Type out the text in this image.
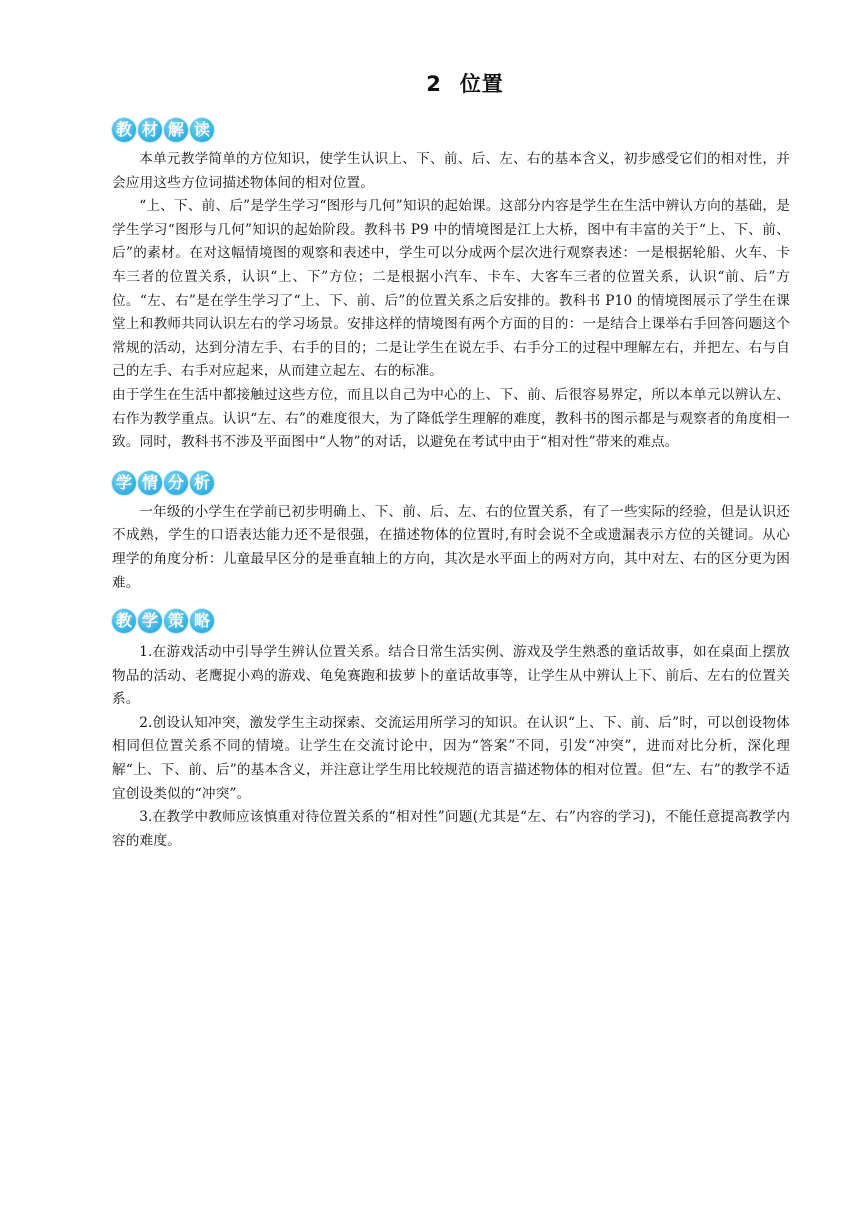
2 位置
教 材 解 读

本单元教学简单的方位知识，使学生认识上、下、前、后、左、右的基本含义，初步感受它们的相对性，并会应用这些方位词描述物体间的相对位置。

“上、下、前、后”是学生学习“图形与几何”知识的起始课。这部分内容是学生在生活中辨认方向的基础，是学生学习“图形与几何”知识的起始阶段。教科书 P9 中的情境图是江上大桥，图中有丰富的关于“上、下、前、后”的素材。在对这幅情境图的观察和表述中，学生可以分成两个层次进行观察表述：一是根据轮船、火车、卡车三者的位置关系，认识“上、下”方位；二是根据小汽车、卡车、大客车三者的位置关系，认识“前、后”方位。“左、右”是在学生学习了“上、下、前、后”的位置关系之后安排的。教科书 P10 的情境图展示了学生在课堂上和教师共同认识左右的学习场景。安排这样的情境图有两个方面的目的：一是结合上课举右手回答问题这个常规的活动，达到分清左手、右手的目的；二是让学生在说左手、右手分工的过程中理解左右，并把左、右与自己的左手、右手对应起来，从而建立起左、右的标准。

由于学生在生活中都接触过这些方位，而且以自己为中心的上、下、前、后很容易界定，所以本单元以辨认左、右作为教学重点。认识“左、右”的难度很大，为了降低学生理解的难度，教科书的图示都是与观察者的角度相一致。同时，教科书不涉及平面图中“人物”的对话，以避免在考试中由于“相对性”带来的难点。

学 情 分 析

一年级的小学生在学前已初步明确上、下、前、后、左、右的位置关系，有了一些实际的经验，但是认识还不成熟，学生的口语表达能力还不是很强，在描述物体的位置时,有时会说不全或遗漏表示方位的关键词。从心理学的角度分析：儿童最早区分的是垂直轴上的方向，其次是水平面上的两对方向，其中对左、右的区分更为困难。

教 学 策 略

1.在游戏活动中引导学生辨认位置关系。结合日常生活实例、游戏及学生熟悉的童话故事，如在桌面上摆放物品的活动、老鹰捉小鸡的游戏、龟兔赛跑和拔萝卜的童话故事等，让学生从中辨认上下、前后、左右的位置关系。

2.创设认知冲突，激发学生主动探索、交流运用所学习的知识。在认识“上、下、前、后”时，可以创设物体相同但位置关系不同的情境。让学生在交流讨论中，因为“答案”不同，引发“冲突”，进而对比分析，深化理解“上、下、前、后”的基本含义，并注意让学生用比较规范的语言描述物体的相对位置。但“左、右”的教学不适宜创设类似的“冲突”。

3.在教学中教师应该慎重对待位置关系的“相对性”问题(尤其是“左、右”内容的学习)，不能任意提高教学内容的难度。
